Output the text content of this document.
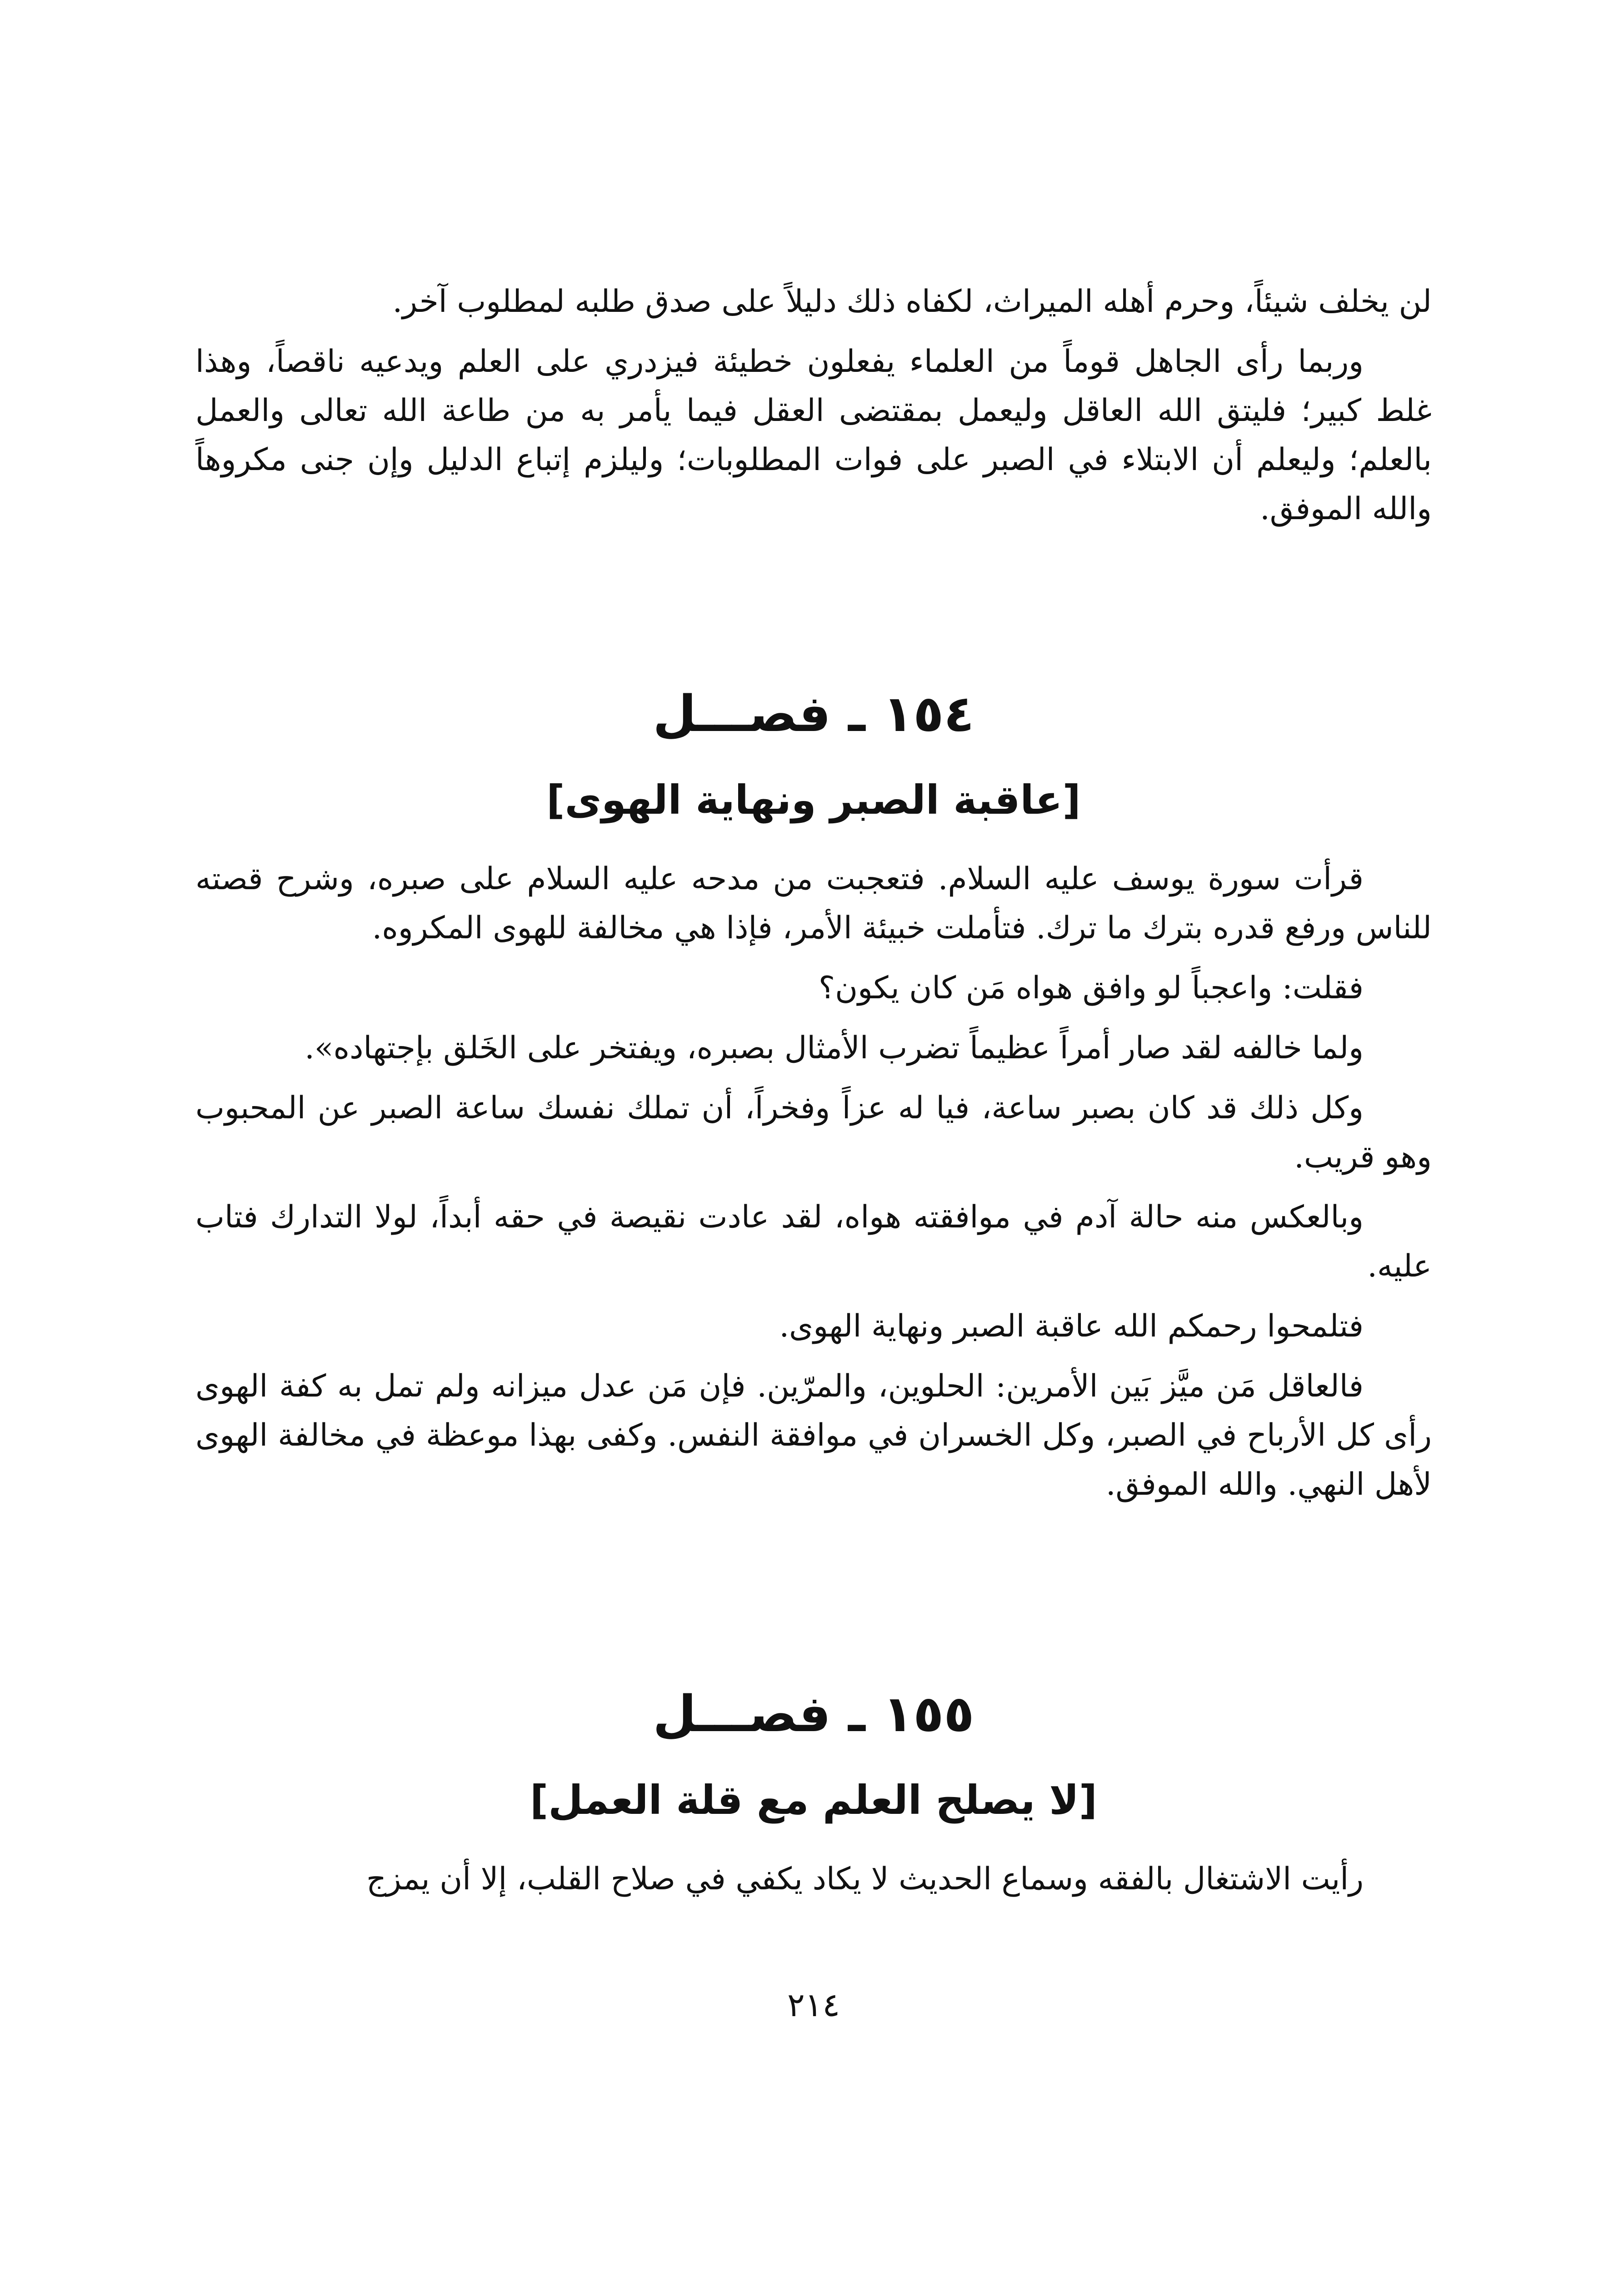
لن يخلف شيئاً، وحرم أهله الميراث، لكفاه ذلك دليلاً على صدق طلبه لمطلوب آخر.

وربما رأى الجاهل قوماً من العلماء يفعلون خطيئة فيزدري على العلم ويدعيه ناقصاً، وهذا غلط كبير؛ فليتق الله العاقل وليعمل بمقتضى العقل فيما يأمر به من طاعة الله تعالى والعمل بالعلم؛ وليعلم أن الابتلاء في الصبر على فوات المطلوبات؛ وليلزم إتباع الدليل وإن جنى مكروهاً والله الموفق.

١٥٤ ـ فصـــل
[عاقبة الصبر ونهاية الهوى]

قرأت سورة يوسف عليه السلام. فتعجبت من مدحه عليه السلام على صبره، وشرح قصته للناس ورفع قدره بترك ما ترك. فتأملت خبيئة الأمر، فإذا هي مخالفة للهوى المكروه.

فقلت: واعجباً لو وافق هواه مَن كان يكون؟

ولما خالفه لقد صار أمراً عظيماً تضرب الأمثال بصبره، ويفتخر على الخَلق بإجتهاده».

وكل ذلك قد كان بصبر ساعة، فيا له عزاً وفخراً، أن تملك نفسك ساعة الصبر عن المحبوب وهو قريب.

وبالعكس منه حالة آدم في موافقته هواه، لقد عادت نقيصة في حقه أبداً، لولا التدارك فتاب عليه.

فتلمحوا رحمكم الله عاقبة الصبر ونهاية الهوى.

فالعاقل مَن ميَّز بَين الأمرين: الحلوين، والمرّين. فإن مَن عدل ميزانه ولم تمل به كفة الهوى رأى كل الأرباح في الصبر، وكل الخسران في موافقة النفس. وكفى بهذا موعظة في مخالفة الهوى لأهل النهي. والله الموفق.

١٥٥ ـ فصـــل
[لا يصلح العلم مع قلة العمل]

رأيت الاشتغال بالفقه وسماع الحديث لا يكاد يكفي في صلاح القلب، إلا أن يمزج

٢١٤
